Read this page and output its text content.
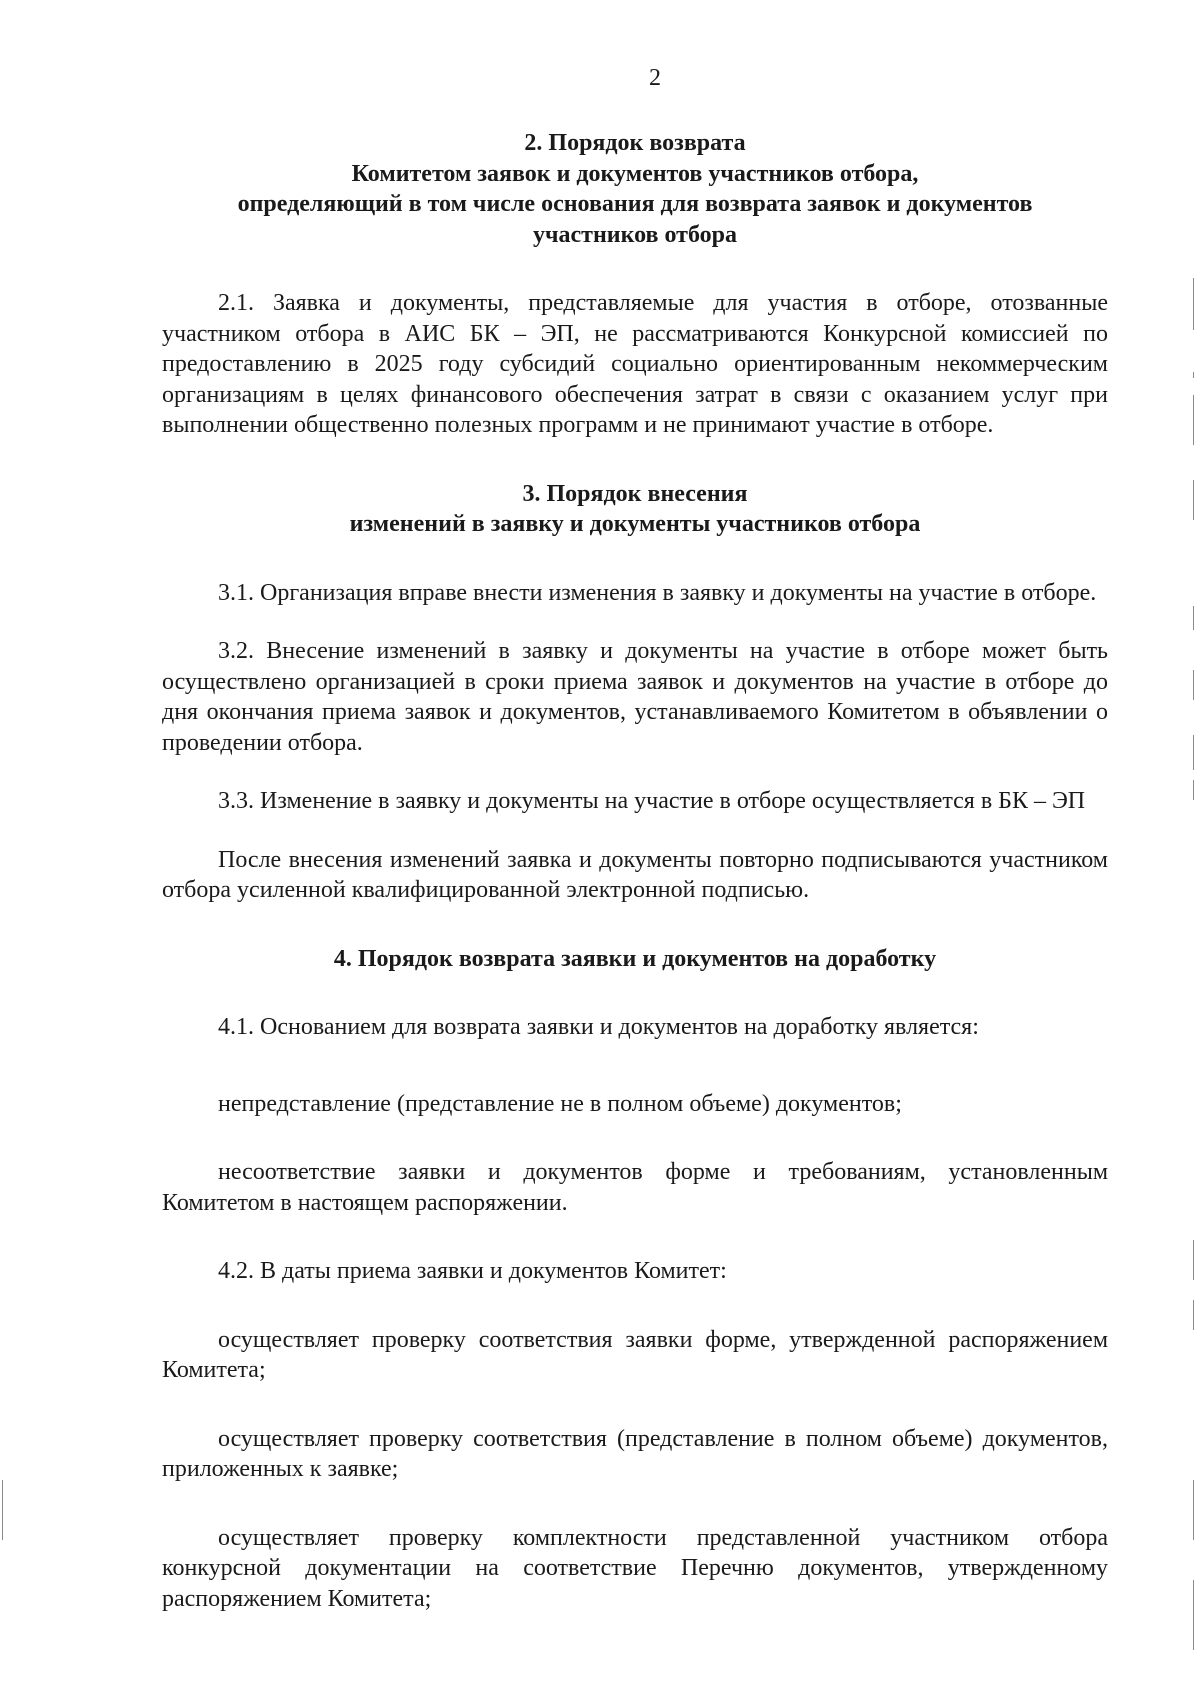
2

2. Порядок возврата

Комитетом заявок и документов участников отбора,

определяющий в том числе основания для возврата заявок и документов

участников отбора

2.1. Заявка и документы, представляемые для участия в отборе, отозванные участником отбора в АИС БК – ЭП, не рассматриваются Конкурсной комиссией по предоставлению в 2025 году субсидий социально ориентированным некоммерческим организациям в целях финансового обеспечения затрат в связи с оказанием услуг при выполнении общественно полезных программ и не принимают участие в отборе.

3. Порядок внесения

изменений в заявку и документы участников отбора

3.1. Организация вправе внести изменения в заявку и документы на участие в отборе.

3.2. Внесение изменений в заявку и документы на участие в отборе может быть осуществлено организацией в сроки приема заявок и документов на участие в отборе до дня окончания приема заявок и документов, устанавливаемого Комитетом в объявлении о проведении отбора.

3.3. Изменение в заявку и документы на участие в отборе осуществляется в БК – ЭП

После внесения изменений заявка и документы повторно подписываются участником отбора усиленной квалифицированной электронной подписью.

4. Порядок возврата заявки и документов на доработку

4.1. Основанием для возврата заявки и документов на доработку является:

непредставление (представление не в полном объеме) документов;

несоответствие заявки и документов форме и требованиям, установленным Комитетом в настоящем распоряжении.

4.2. В даты приема заявки и документов Комитет:

осуществляет проверку соответствия заявки форме, утвержденной распоряжением Комитета;

осуществляет проверку соответствия (представление в полном объеме) документов, приложенных к заявке;

осуществляет проверку комплектности представленной участником отбора конкурсной документации на соответствие Перечню документов, утвержденному распоряжением Комитета;
